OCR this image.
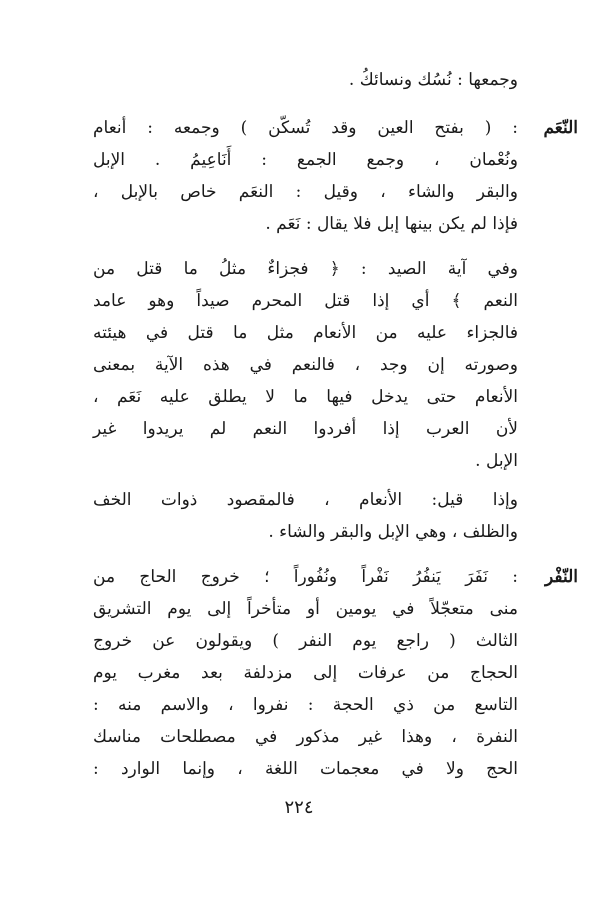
وجمعها : نُسُك ونسائكُ .
النّعَم
: ( بفتح العين وقد تُسكّن ) وجمعه : أنعام
ونُعْمان ، وجمع الجمع : أَنَاعِيمُ . الإبل
والبقر والشاء ، وقيل : النعَم خاص بالإبل ،
فإذا لم يكن بينها إبل فلا يقال : نَعَم .
وفي آية الصيد : ﴿ فجزاءٌ مثلُ ما قتل من
النعم ﴾ أي إذا قتل المحرم صيداً وهو عامد
فالجزاء عليه من الأنعام مثل ما قتل في هيئته
وصورته إن وجد ، فالنعم في هذه الآية بمعنى
الأنعام حتى يدخل فيها ما لا يطلق عليه نَعَم ،
لأن العرب إذا أفردوا النعم لم يريدوا غير
الإبل .
وإذا قيل: الأنعام ، فالمقصود ذوات الخف
والظلف ، وهي الإبل والبقر والشاء .
النّفْر
: نَفَرَ يَنفُرُ نَفْراً ونُفُوراً ؛ خروج الحاج من
منى متعجّلاً في يومين أو متأخراً إلى يوم التشريق
الثالث ( راجع يوم النفر ) ويقولون عن خروج
الحجاج من عرفات إلى مزدلفة بعد مغرب يوم
التاسع من ذي الحجة : نفروا ، والاسم منه :
النفرة ، وهذا غير مذكور في مصطلحات مناسك
الحج ولا في معجمات اللغة ، وإنما الوارد :
٢٢٤
